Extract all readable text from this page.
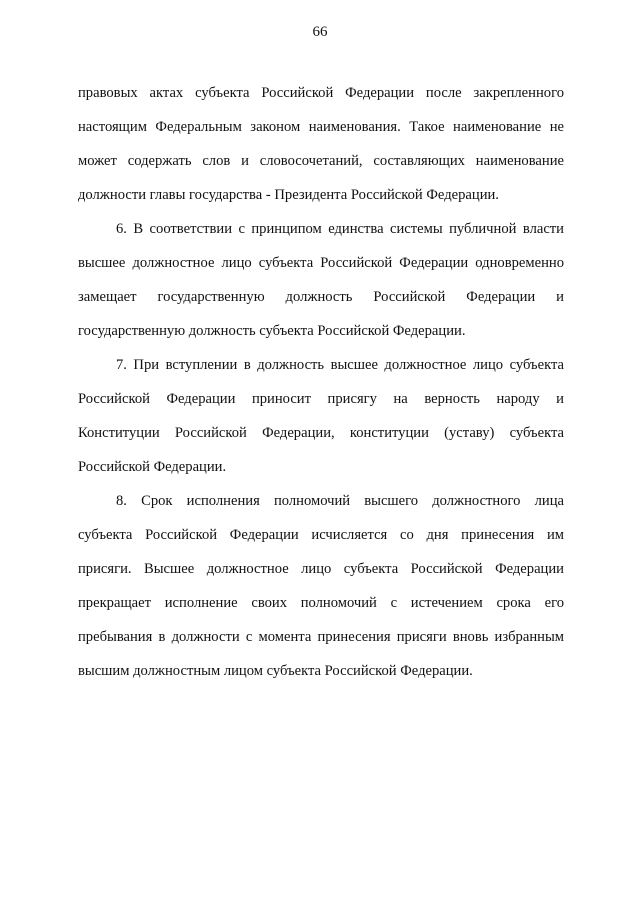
66
правовых актах субъекта Российской Федерации после закрепленного
настоящим Федеральным законом наименования. Такое наименование не
может содержать слов и словосочетаний, составляющих наименование
должности главы государства - Президента Российской Федерации.
6. В соответствии с принципом единства системы публичной власти
высшее должностное лицо субъекта Российской Федерации одновременно
замещает государственную должность Российской Федерации и
государственную должность субъекта Российской Федерации.
7. При вступлении в должность высшее должностное лицо субъекта
Российской Федерации приносит присягу на верность народу и
Конституции Российской Федерации, конституции (уставу) субъекта
Российской Федерации.
8. Срок исполнения полномочий высшего должностного лица
субъекта Российской Федерации исчисляется со дня принесения им
присяги. Высшее должностное лицо субъекта Российской Федерации
прекращает исполнение своих полномочий с истечением срока его
пребывания в должности с момента принесения присяги вновь избранным
высшим должностным лицом субъекта Российской Федерации.
